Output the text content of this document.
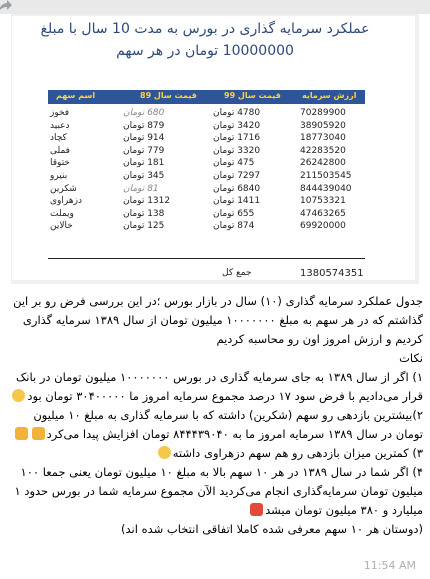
عملکرد سرمایه گذاری در بورس به مدت 10 سال با مبلغ
10000000 تومان در هر سهم
اسم سهم	قیمت سال 89	قیمت سال 99	ارزش سرمایه
فخوز	680 تومان	4780 تومان	70289900
دعبید	879 تومان	3420 تومان	38905920
کچاد	914 تومان	1716 تومان	18773040
فملی	779 تومان	3320 تومان	42283520
ختوقا	181 تومان	475 تومان	26242800
بنیرو	345 تومان	7297 تومان	211503545
شکرین	81 تومان	6840 تومان	844439040
دزهراوی	1312 تومان	1411 تومان	10753321
ویملت	138 تومان	655 تومان	47463265
خالاین	125 تومان	874 تومان	69920000
جمع کل	1380574351

جدول عملکرد سرمایه گذاری (۱۰) سال در بازار بورس ؛در این بررسی فرض رو بر این گذاشتم که در هر سهم به مبلغ ۱۰۰۰۰۰۰۰ میلیون تومان از سال ۱۳۸۹ سرمایه گذاری کردیم و ارزش امروز اون رو محاسبه کردیم

نکات

۱) اگر از سال ۱۳۸۹ به جای سرمایه گذاری در بورس ۱۰۰۰۰۰۰۰ میلیون تومان در بانک قرار می‌دادیم با فرض سود ۱۷ درصد مجموع سرمایه امروز ما ۳۰۴۰۰۰۰۰ تومان بود

۲)بیشترین بازدهی رو سهم (شکرین) داشته که با سرمایه گذاری به مبلغ ۱۰ میلیون تومان در سال ۱۳۸۹ سرمایه امروز ما به ۸۴۴۴۳۹۰۴۰ تومان افزایش پیدا می‌کرد

۳) کمترین میزان بازدهی رو هم سهم دزهراوی داشته

۴) اگر شما در سال ۱۳۸۹ در هر ۱۰ سهم بالا به مبلغ ۱۰ میلیون تومان یعنی جمعا ۱۰۰ میلیون تومان سرمایه‌گذاری انجام می‌کردید الآن مجموع سرمایه شما در بورس حدود ۱ میلیارد و ۳۸۰ میلیون تومان میشد

(دوستان هر ۱۰ سهم معرفی شده کاملا اتفاقی انتخاب شده اند)

11:54 AM
